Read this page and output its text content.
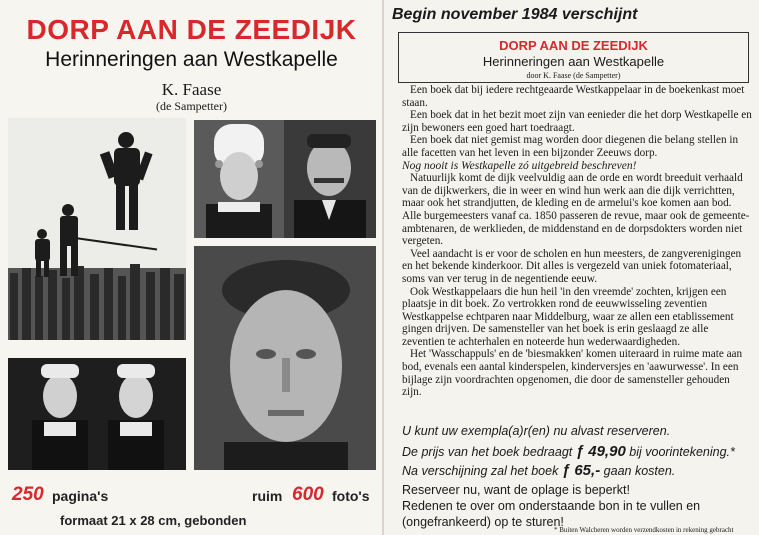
DORP AAN DE ZEEDIJK
Herinneringen aan Westkapelle
K. Faase
(de Sampetter)
250 pagina's	ruim 600 foto's
formaat 21 x 28 cm, gebonden
Begin november 1984 verschijnt
DORP AAN DE ZEEDIJK
Herinneringen aan Westkapelle
door K. Faase (de Sampetter)

Een boek dat bij iedere rechtgeaarde Westkappelaar in de boekenkast moet staan.

Een boek dat in het bezit moet zijn van eenieder die het dorp Westkapelle en zijn bewoners een goed hart toedraagt.

Een boek dat niet gemist mag worden door diegenen die belang stellen in alle facetten van het leven in een bijzonder Zeeuws dorp.

Nog nooit is Westkapelle zó uitgebreid beschreven!

Natuurlijk komt de dijk veelvuldig aan de orde en wordt breeduit verhaald van de dijkwerkers, die in weer en wind hun werk aan die dijk verrichtten, maar ook het strandjutten, de kleding en de armelui's koe komen aan bod. Alle burgemeesters vanaf ca. 1850 passeren de revue, maar ook de gemeente-ambtenaren, de werklieden, de middenstand en de dorpsdokters worden niet vergeten.

Veel aandacht is er voor de scholen en hun meesters, de zangverenigingen en het bekende kinderkoor. Dit alles is vergezeld van uniek fotomateriaal, soms van ver terug in de negentiende eeuw.

Ook Westkappelaars die hun heil 'in den vreemde' zochten, krijgen een plaatsje in dit boek. Zo vertrokken rond de eeuwwisseling zeventien Westkappelse echtparen naar Middelburg, waar ze allen een etablissement gingen drijven. De samensteller van het boek is erin geslaagd ze alle zeventien te achterhalen en noteerde hun wederwaardigheden.

Het 'Wasschappuls' en de 'biesmakken' komen uiteraard in ruime mate aan bod, evenals een aantal kinderspelen, kinderversjes en 'aawurwesse'. In een bijlage zijn voordrachten opgenomen, die door de samensteller gehouden zijn.

U kunt uw exempla(a)r(en) nu alvast reserveren.
De prijs van het boek bedraagt ƒ 49,90 bij voorintekening.*
Na verschijning zal het boek ƒ 65,- gaan kosten.
Reserveer nu, want de oplage is beperkt!
Redenen te over om onderstaande bon in te vullen en (ongefrankeerd) op te sturen!
* Buiten Walcheren worden verzendkosten in rekening gebracht
